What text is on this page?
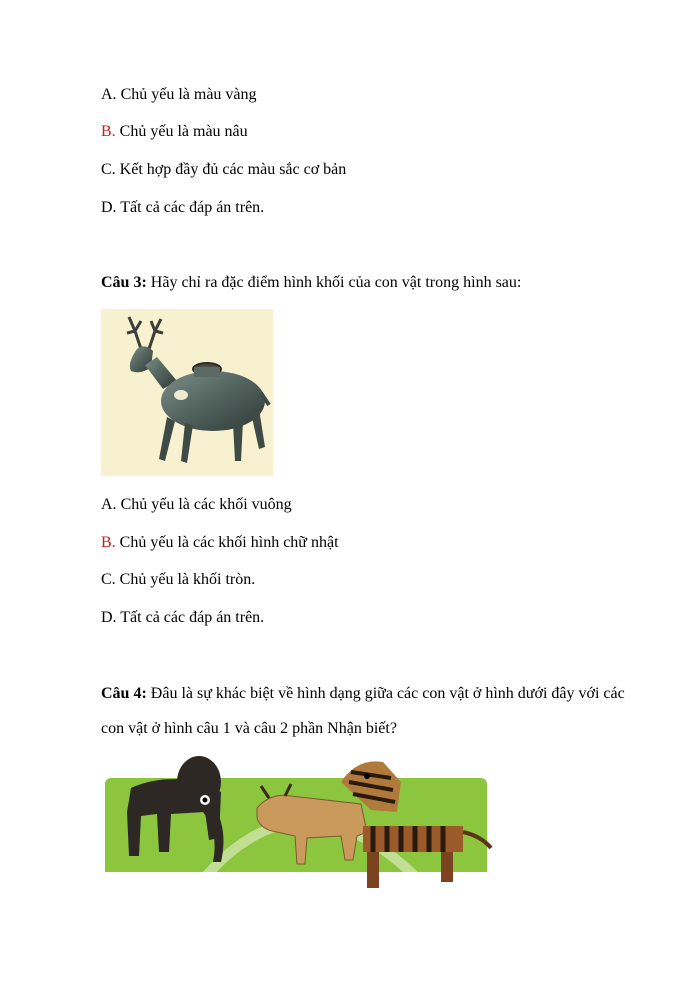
A. Chủ yếu là màu vàng
B. Chủ yếu là màu nâu
C. Kết hợp đầy đủ các màu sắc cơ bản
D. Tất cả các đáp án trên.
Câu 3: Hãy chỉ ra đặc điểm hình khối của con vật trong hình sau:
A. Chủ yếu là các khối vuông
B. Chủ yếu là các khối hình chữ nhật
C. Chủ yếu là khối tròn.
D. Tất cả các đáp án trên.
Câu 4: Đâu là sự khác biệt về hình dạng giữa các con vật ở hình dưới đây với các
con vật ở hình câu 1 và câu 2 phần Nhận biết?
